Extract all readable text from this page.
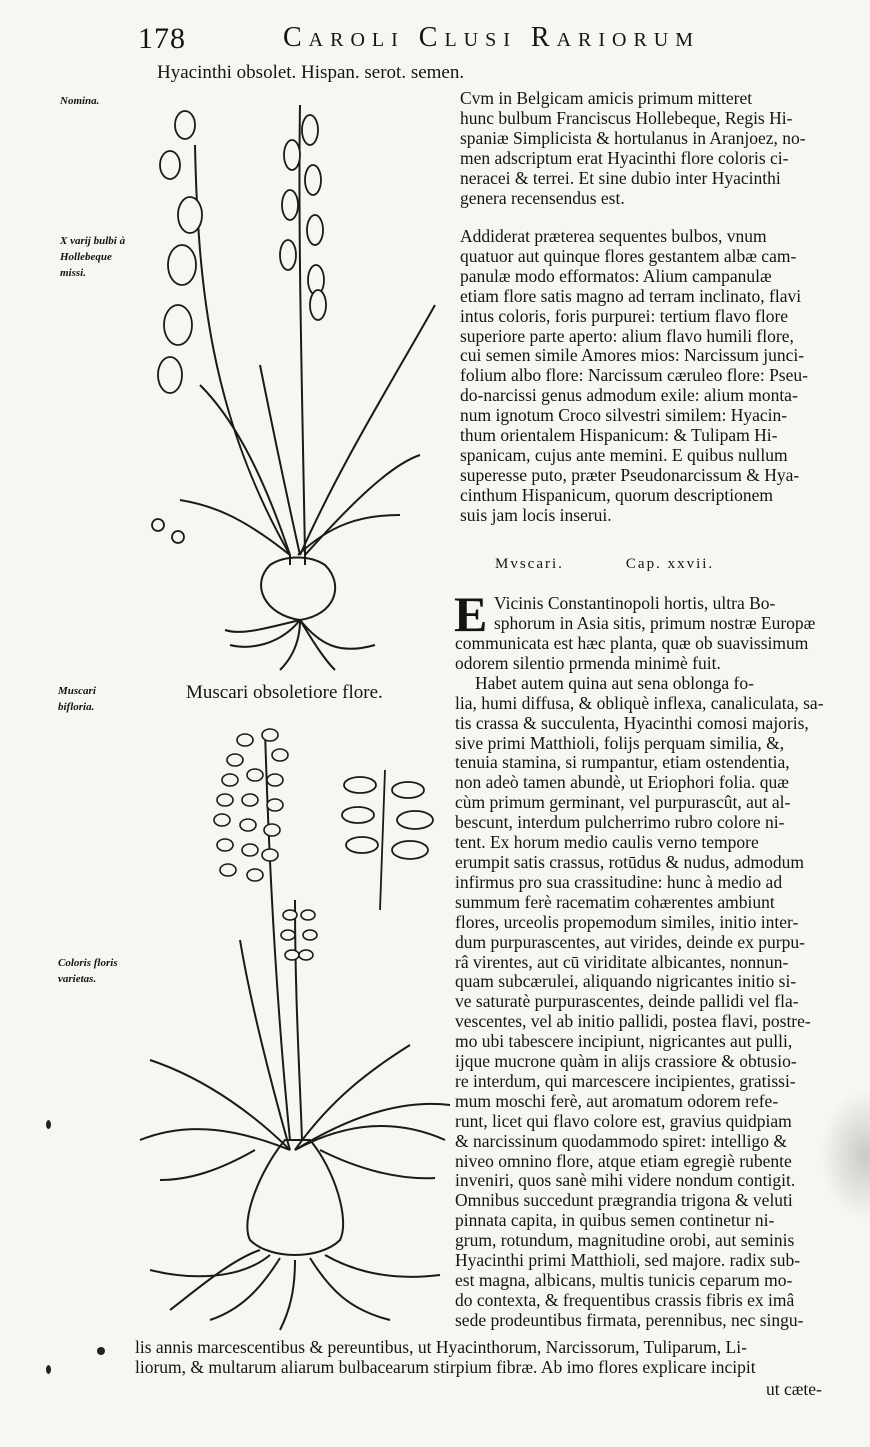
178	Caroli Clusi Rariorum
Hyacinthi obsolet. Hispan. serot. semen.
Muscari obsoletiore flore.
Nomina.
X varij bulbi à Hollebeque missi.
Muscari bifloria.
Coloris floris varietas.
Cvm in Belgicam amicis primum mitteret
hunc bulbum Franciscus Hollebeque, Regis Hi-
spaniæ Simplicista & hortulanus in Aranjoez, no-
men adscriptum erat Hyacinthi flore coloris ci-
neracei & terrei. Et sine dubio inter Hyacinthi
genera recensendus est.
Addiderat præterea sequentes bulbos, vnum
quatuor aut quinque flores gestantem albæ cam-
panulæ modo efformatos: Alium campanulæ
etiam flore satis magno ad terram inclinato, flavi
intus coloris, foris purpurei: tertium flavo flore
superiore parte aperto: alium flavo humili flore,
cui semen simile Amores mios: Narcissum junci-
folium albo flore: Narcissum cæruleo flore: Pseu-
do-narcissi genus admodum exile: alium monta-
num ignotum Croco silvestri similem: Hyacin-
thum orientalem Hispanicum: & Tulipam Hi-
spanicam, cujus ante memini. E quibus nullum
superesse puto, præter Pseudonarcissum & Hya-
cinthum Hispanicum, quorum descriptionem
suis jam locis inserui.
Mvscari.	Cap. xxvii.
E Vicinis Constantinopoli hortis, ultra Bo-
sphorum in Asia sitis, primum nostræ Europæ
communicata est hæc planta, quæ ob suavissimum
odorem silentio prmenda minimè fuit.
Habet autem quina aut sena oblonga fo-
lia, humi diffusa, & obliquè inflexa, canaliculata, sa-
tis crassa & succulenta, Hyacinthi comosi majoris,
sive primi Matthioli, folijs perquam similia, &,
tenuia stamina, si rumpantur, etiam ostendentia,
non adeò tamen abundè, ut Eriophori folia. quæ
cùm primum germinant, vel purpurascût, aut al-
bescunt, interdum pulcherrimo rubro colore ni-
tent. Ex horum medio caulis verno tempore
erumpit satis crassus, rotūdus & nudus, admodum
infirmus pro sua crassitudine: hunc à medio ad
summum ferè racematim cohærentes ambiunt
flores, urceolis propemodum similes, initio inter-
dum purpurascentes, aut virides, deinde ex purpu-
râ virentes, aut cū viriditate albicantes, nonnun-
quam subcærulei, aliquando nigricantes initio si-
ve saturatè purpurascentes, deinde pallidi vel fla-
vescentes, vel ab initio pallidi, postea flavi, postre-
mo ubi tabescere incipiunt, nigricantes aut pulli,
ijque mucrone quàm in alijs crassiore & obtusio-
re interdum, qui marcescere incipientes, gratissi-
mum moschi ferè, aut aromatum odorem refe-
runt, licet qui flavo colore est, gravius quidpiam
& narcissinum quodammodo spiret: intelligo &
niveo omnino flore, atque etiam egregiè rubente
inveniri, quos sanè mihi videre nondum contigit.
Omnibus succedunt prægrandia trigona & veluti
pinnata capita, in quibus semen continetur ni-
grum, rotundum, magnitudine orobi, aut seminis
Hyacinthi primi Matthioli, sed majore. radix sub-
est magna, albicans, multis tunicis ceparum mo-
do contexta, & frequentibus crassis fibris ex imâ
sede prodeuntibus firmata, perennibus, nec singu-
lis annis marcescentibus & pereuntibus, ut Hyacinthorum, Narcissorum, Tuliparum, Li-
liorum, & multarum aliarum bulbacearum stirpium fibræ. Ab imo flores explicare incipit
ut cæte-
